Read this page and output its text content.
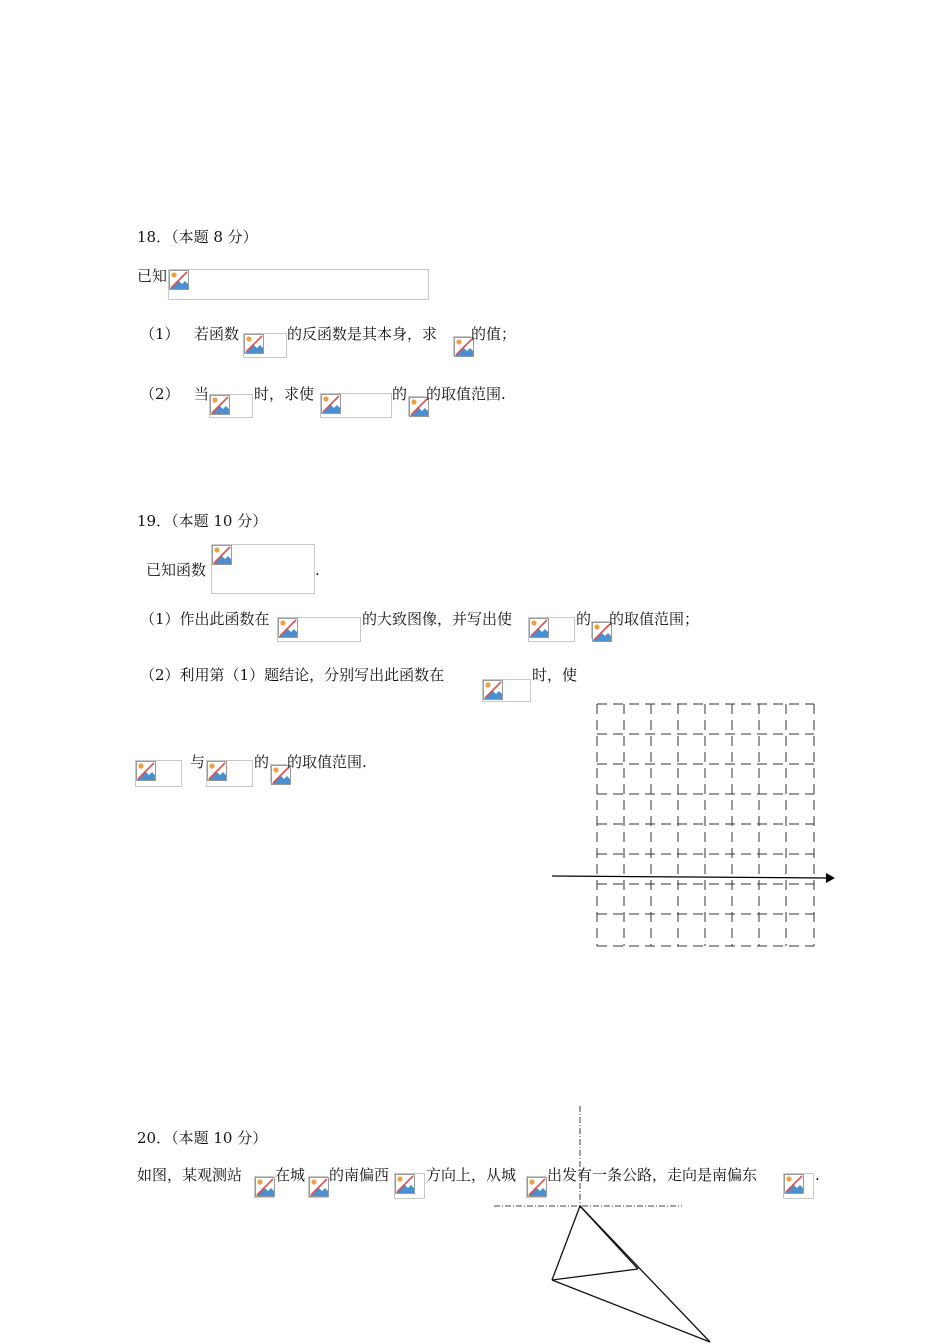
18．（本题 8 分）
已知
（1） 若函数	的反函数是其本身，求 的值；
（2） 当	时，求使	的 的取值范围.
19．（本题 10 分）
已知函数	.
（1）作出此函数在	的大致图像，并写出使	的 的取值范围；
（2）利用第（1）题结论，分别写出此函数在	时，使
与	的 的取值范围.
20．（本题 10 分）
如图，某观测站 在城 的南偏西 方向上，从城 出发有一条公路，走向是南偏东	.
